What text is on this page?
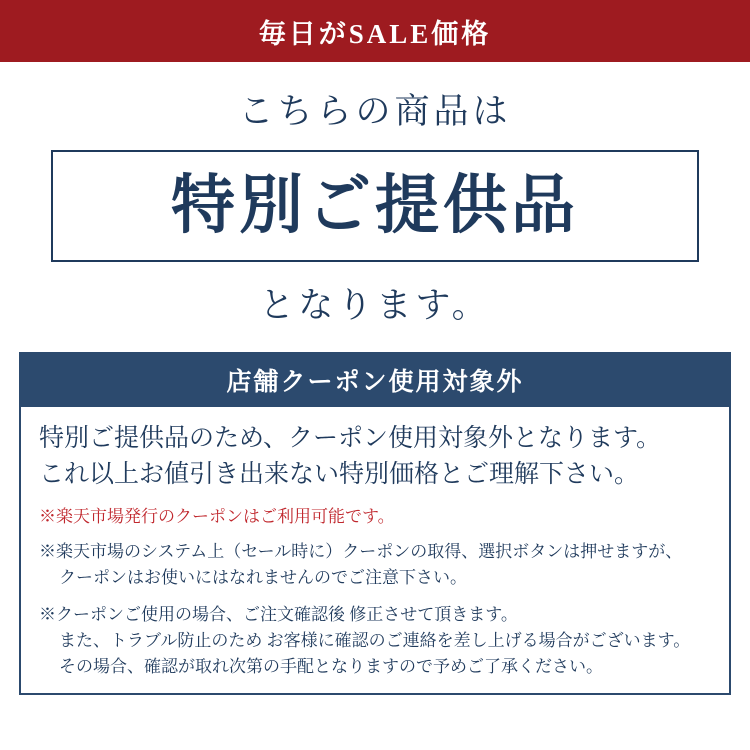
毎日がSALE価格
こちらの商品は
特別ご提供品
となります。
店舗クーポン使用対象外
特別ご提供品のため、クーポン使用対象外となります。
これ以上お値引き出来ない特別価格とご理解下さい。
※楽天市場発行のクーポンはご利用可能です。
※楽天市場のシステム上（セール時に）クーポンの取得、選択ボタンは押せますが、
クーポンはお使いにはなれませんのでご注意下さい。
※クーポンご使用の場合、ご注文確認後 修正させて頂きます。
また、トラブル防止のため お客様に確認のご連絡を差し上げる場合がございます。
その場合、確認が取れ次第の手配となりますので予めご了承ください。
